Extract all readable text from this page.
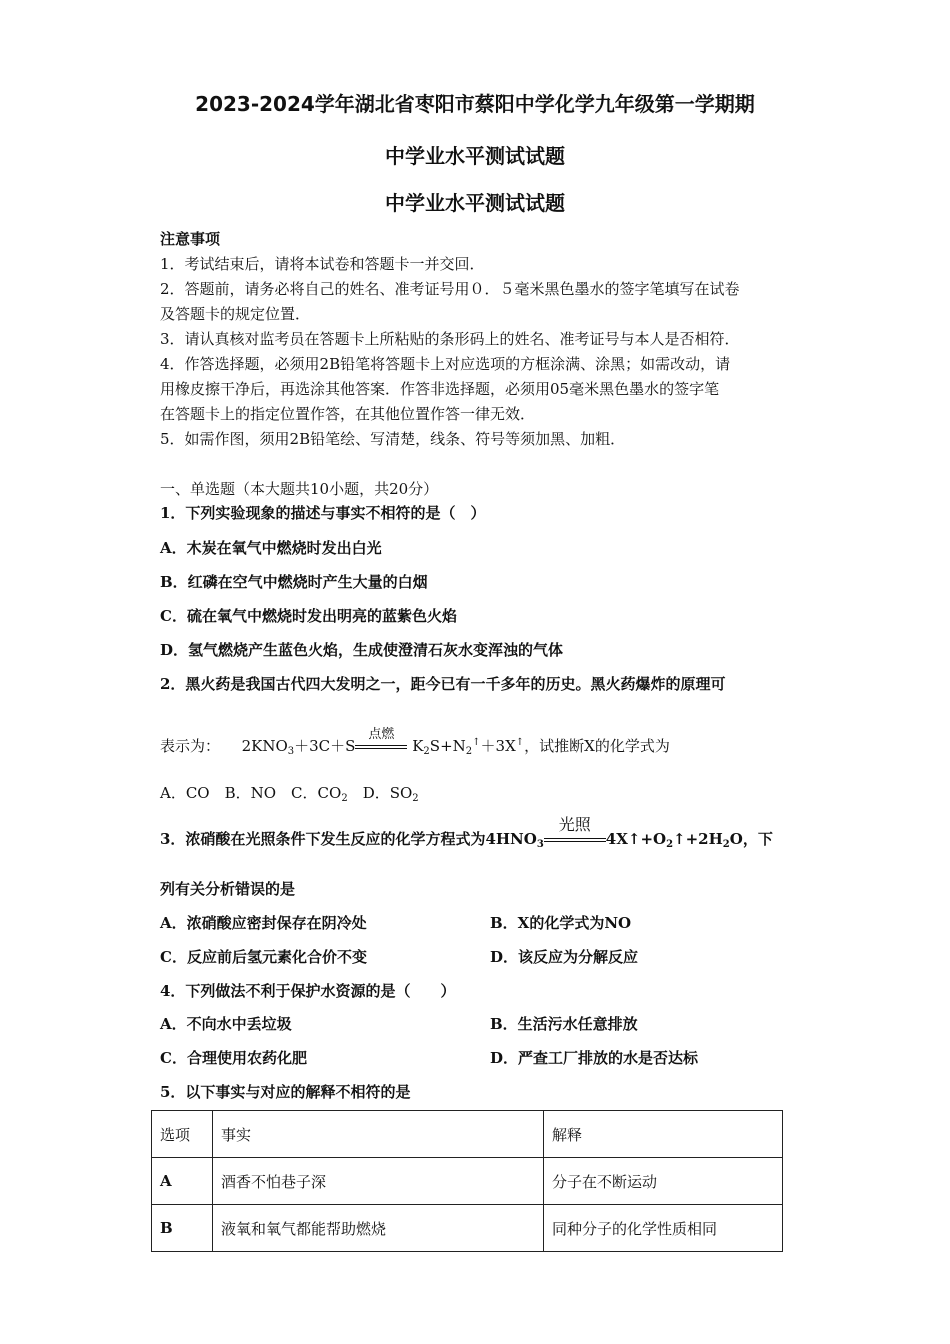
2023-2024学年湖北省枣阳市蔡阳中学化学九年级第一学期期
中学业水平测试试题
中学业水平测试试题
注意事项
1．考试结束后，请将本试卷和答题卡一并交回．
2．答题前，请务必将自己的姓名、准考证号用０．５毫米黑色墨水的签字笔填写在试卷
及答题卡的规定位置．
3．请认真核对监考员在答题卡上所粘贴的条形码上的姓名、准考证号与本人是否相符．
4．作答选择题，必须用2B铅笔将答题卡上对应选项的方框涂满、涂黑；如需改动，请
用橡皮擦干净后，再选涂其他答案．作答非选择题，必须用05毫米黑色墨水的签字笔
在答题卡上的指定位置作答，在其他位置作答一律无效．
5．如需作图，须用2B铅笔绘、写清楚，线条、符号等须加黑、加粗．
一、单选题（本大题共10小题，共20分）
1．下列实验现象的描述与事实不相符的是（　）
A．木炭在氧气中燃烧时发出白光
B．红磷在空气中燃烧时产生大量的白烟
C．硫在氧气中燃烧时发出明亮的蓝紫色火焰
D．氢气燃烧产生蓝色火焰，生成使澄清石灰水变浑浊的气体
2．黑火药是我国古代四大发明之一，距今已有一千多年的历史。黑火药爆炸的原理可
表示为： $2KNO_3+3C+S$
点燃
$K_2S+N_2^↑+3X^↑$，试推断X的化学式为
A．CO　B．NO　C．$CO_2$　D．$SO_2$
3．浓硝酸在光照条件下发生反应的化学方程式为$4HNO_3$
光照
$4X↑+O_2↑+2H_2O$，下
列有关分析错误的是
A．浓硝酸应密封保存在阴冷处	B．X的化学式为NO
C．反应前后氢元素化合价不变	D．该反应为分解反应
4．下列做法不利于保护水资源的是（　　）
A．不向水中丢垃圾	B．生活污水任意排放
C．合理使用农药化肥	D．严查工厂排放的水是否达标
5．以下事实与对应的解释不相符的是
选项	事实	解释
A	酒香不怕巷子深	分子在不断运动
B	液氧和氧气都能帮助燃烧	同种分子的化学性质相同
